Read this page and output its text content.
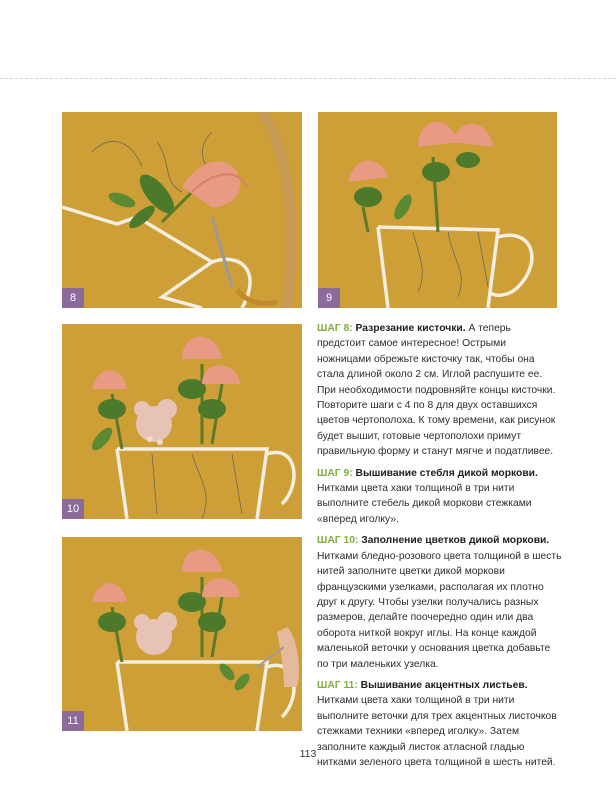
8	9
10
11

ШАГ 8: Разрезание кисточки. А теперь предстоит самое интересное! Острыми ножницами обрежьте кисточку так, чтобы она стала длиной около 2 см. Иглой распушите ее. При необходимости подровняйте концы кисточки. Повторите шаги с 4 по 8 для двух оставшихся цветов чертополоха. К тому времени, как рисунок будет вышит, готовые чертополохи примут правильную форму и станут мягче и податливее.

ШАГ 9: Вышивание стебля дикой моркови. Нитками цвета хаки толщиной в три нити выполните стебель дикой моркови стежками «вперед иголку».

ШАГ 10: Заполнение цветков дикой моркови. Нитками бледно-розового цвета толщиной в шесть нитей заполните цветки дикой моркови французскими узелками, располагая их плотно друг к другу. Чтобы узелки получались разных размеров, делайте поочередно один или два оборота ниткой вокруг иглы. На конце каждой маленькой веточки у основания цветка добавьте по три маленьких узелка.

ШАГ 11: Вышивание акцентных листьев. Нитками цвета хаки толщиной в три нити выполните веточки для трех акцентных листочков стежками техники «вперед иголку». Затем заполните каждый листок атласной гладью нитками зеленого цвета толщиной в шесть нитей.

113
